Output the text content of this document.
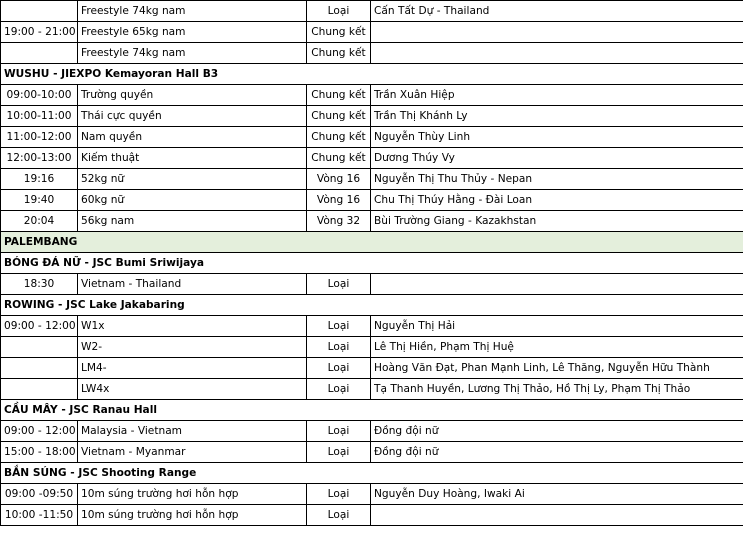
	Freestyle 74kg nam	Loại	Cấn Tất Dự - Thailand
19:00 - 21:00	Freestyle 65kg nam	Chung kết	
	Freestyle 74kg nam	Chung kết	
WUSHU - JIEXPO Kemayoran Hall B3			
09:00-10:00	Trường quyền	Chung kết	Trần Xuân Hiệp
10:00-11:00	Thái cực quyền	Chung kết	Trần Thị Khánh Ly
11:00-12:00	Nam quyền	Chung kết	Nguyễn Thùy Linh
12:00-13:00	Kiếm thuật	Chung kết	Dương Thúy Vy
19:16	52kg nữ	Vòng 16	Nguyễn Thị Thu Thủy - Nepan
19:40	60kg nữ	Vòng 16	Chu Thị Thúy Hằng - Đài Loan
20:04	56kg nam	Vòng 32	Bùi Trường Giang - Kazakhstan
PALEMBANG			
BÓNG ĐÁ NỮ - JSC Bumi Sriwijaya			
18:30	Vietnam - Thailand	Loại	
ROWING - JSC Lake Jakabaring			
09:00 - 12:00	W1x	Loại	Nguyễn Thị Hải
	W2-	Loại	Lê Thị Hiền, Phạm Thị Huệ
	LM4-	Loại	Hoàng Văn Đạt, Phan Mạnh Linh, Lê Thăng, Nguyễn Hữu Thành
	LW4x	Loại	Tạ Thanh Huyền, Lương Thị Thảo, Hồ Thị Ly, Phạm Thị Thảo
CẦU MÂY - JSC Ranau Hall			
09:00 - 12:00	Malaysia - Vietnam	Loại	Đồng đội nữ
15:00 - 18:00	Vietnam - Myanmar	Loại	Đồng đội nữ
BẮN SÚNG - JSC Shooting Range			
09:00 -09:50	10m súng trường hơi hỗn hợp	Loại	Nguyễn Duy Hoàng, Iwaki Ai
10:00 -11:50	10m súng trường hơi hỗn hợp	Loại	
